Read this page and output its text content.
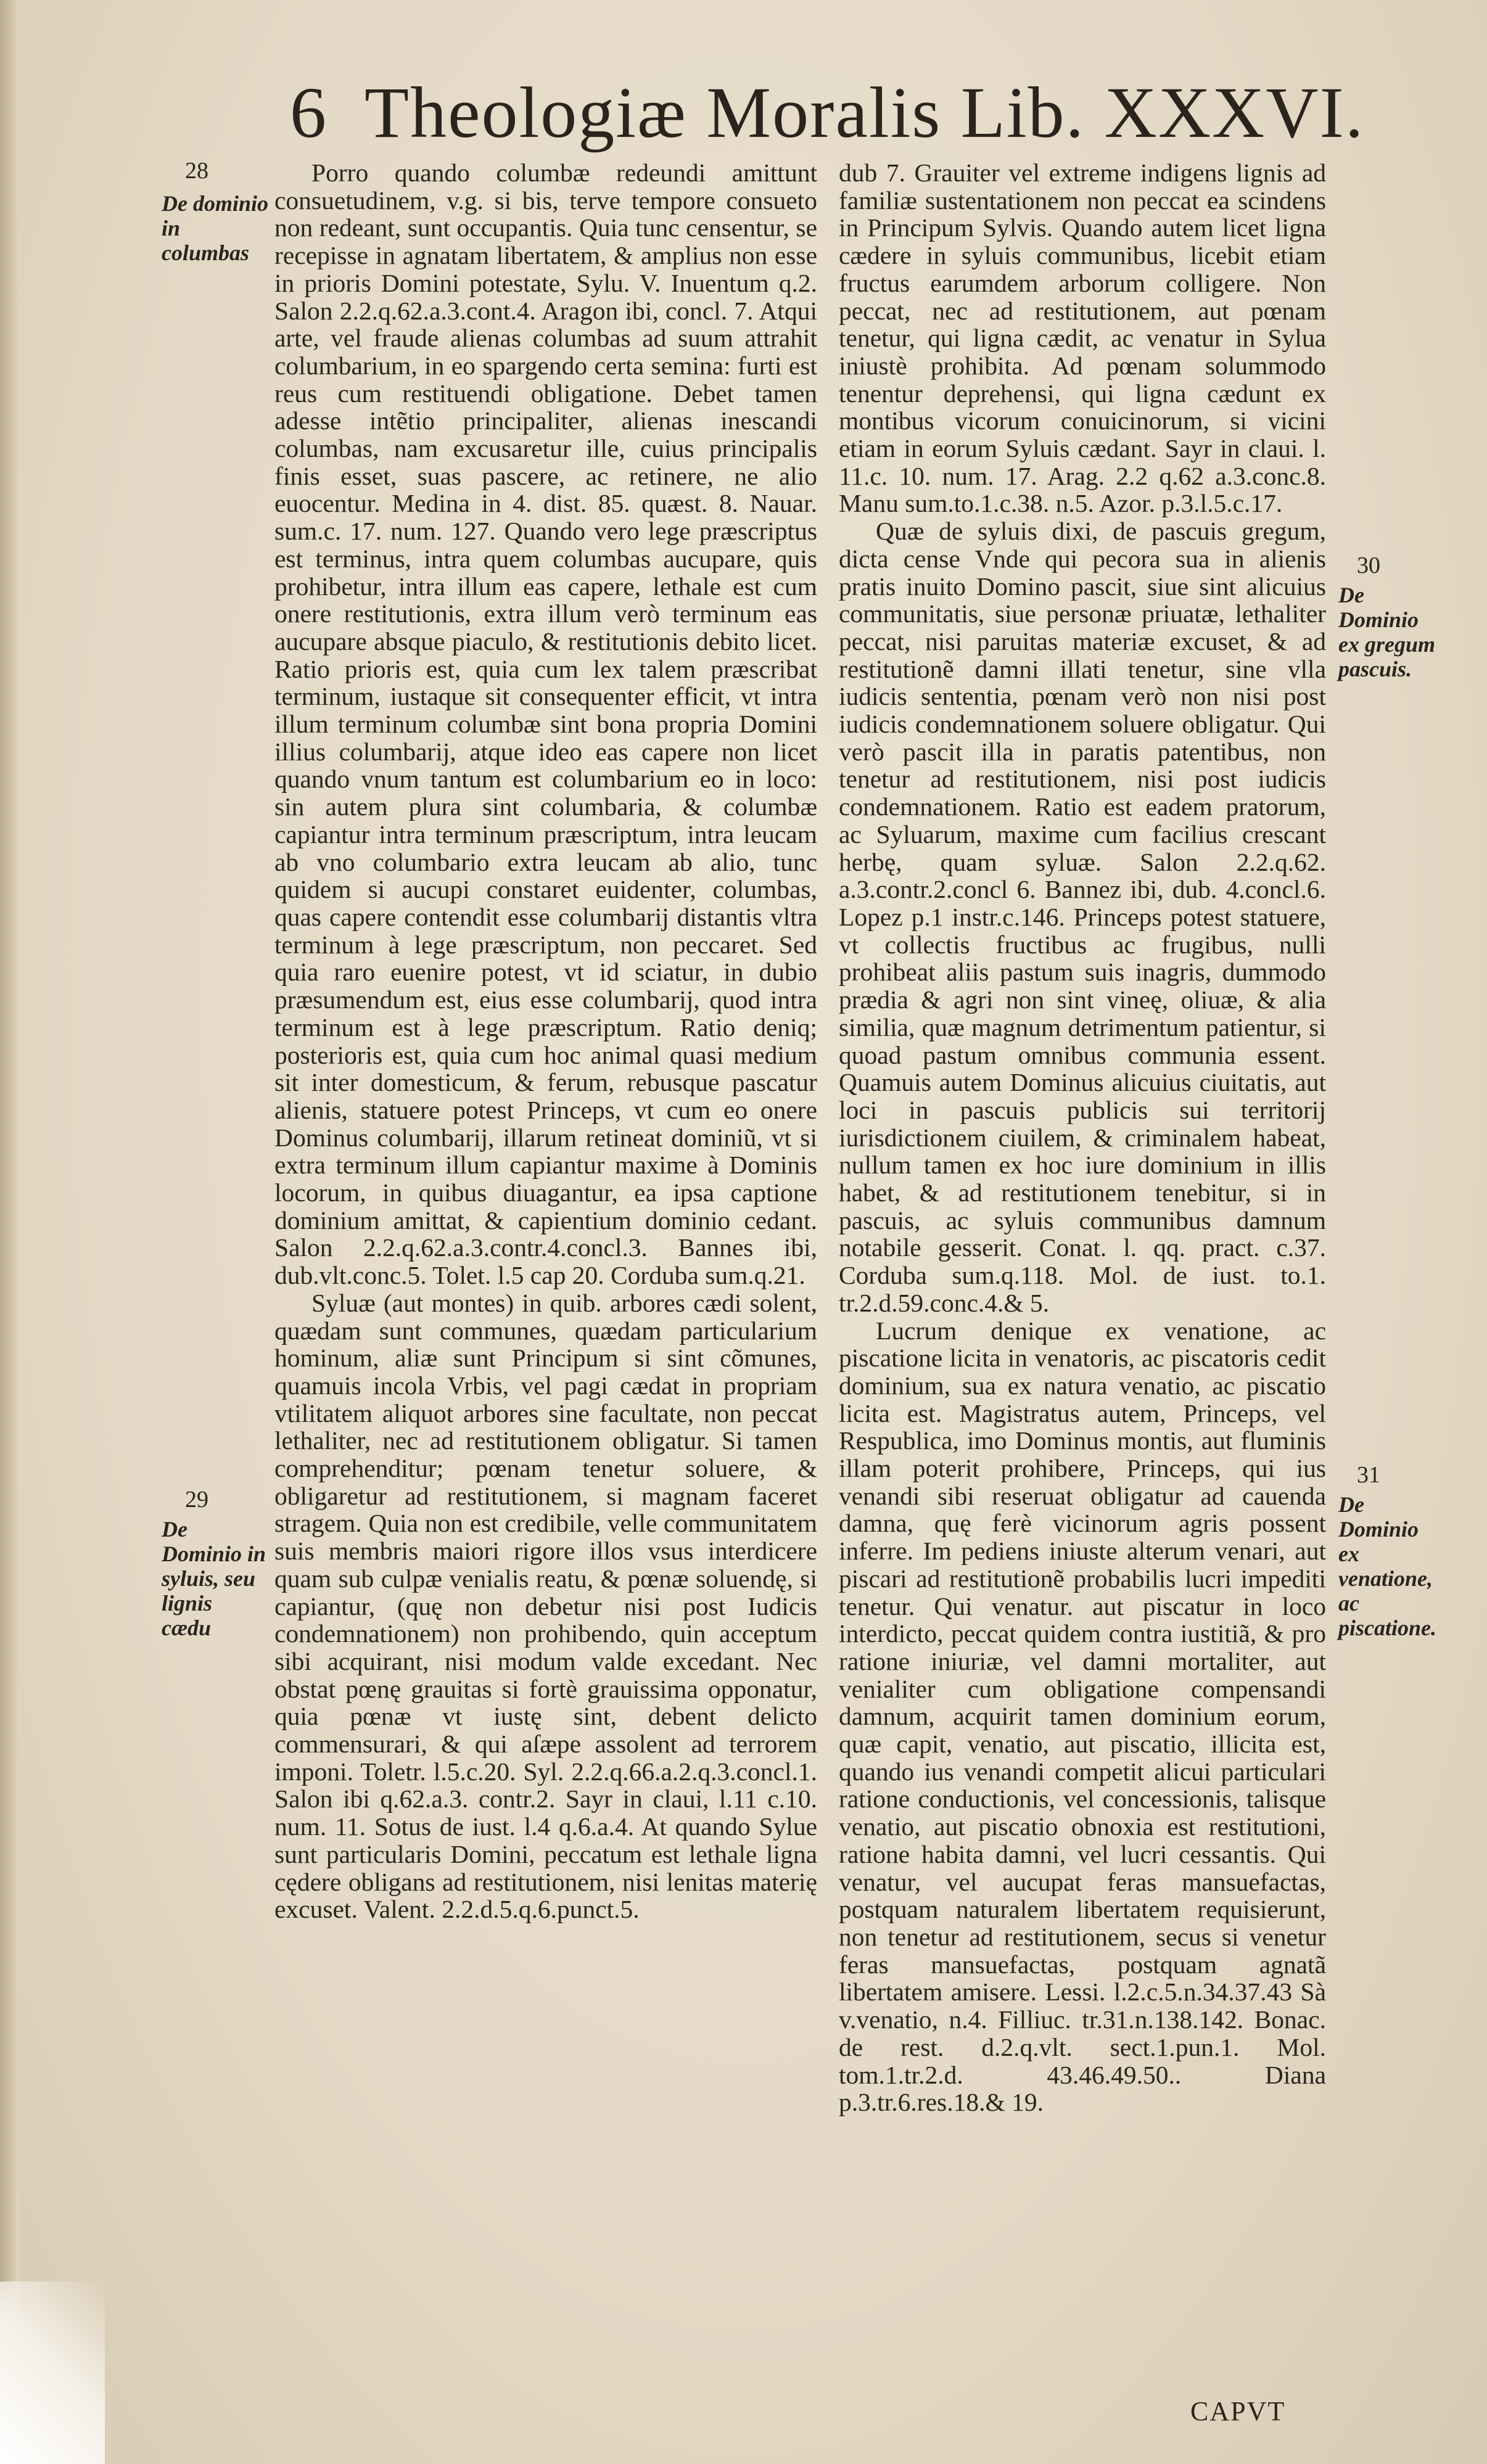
6 Theologiæ Moralis Lib. XXXVI.
28
De dominio in columbas
29
De Dominio in syluis, seu lignis cædu
30
De Dominio ex gregum pascuis.
31
De Dominio ex venatione, ac piscatione.

Porro quando columbæ redeundi amittunt consuetudinem, v.g. si bis, terve tempore consueto non redeant, sunt occupantis. Quia tunc censentur, se recepisse in agnatam libertatem, & amplius non esse in prioris Domini potestate, Sylu. V. Inuentum q.2. Salon 2.2.q.62.a.3.cont.4. Aragon ibi, concl. 7. Atqui arte, vel fraude alienas columbas ad suum attrahit columbarium, in eo spargendo certa semina: furti est reus cum restituendi obligatione. Debet tamen adesse intẽtio principaliter, alienas inescandi columbas, nam excusaretur ille, cuius principalis finis esset, suas pascere, ac retinere, ne alio euocentur. Medina in 4. dist. 85. quæst. 8. Nauar. sum.c. 17. num. 127. Quando vero lege præscriptus est terminus, intra quem columbas aucupare, quis prohibetur, intra illum eas capere, lethale est cum onere restitutionis, extra illum verò terminum eas aucupare absque piaculo, & restitutionis debito licet. Ratio prioris est, quia cum lex talem præscribat terminum, iustaque sit consequenter efficit, vt intra illum terminum columbæ sint bona propria Domini illius columbarij, atque ideo eas capere non licet quando vnum tantum est columbarium eo in loco: sin autem plura sint columbaria, & columbæ capiantur intra terminum præscriptum, intra leucam ab vno columbario extra leucam ab alio, tunc quidem si aucupi constaret euidenter, columbas, quas capere contendit esse columbarij distantis vltra terminum à lege præscriptum, non peccaret. Sed quia raro euenire potest, vt id sciatur, in dubio præsumendum est, eius esse columbarij, quod intra terminum est à lege præscriptum. Ratio deniq; posterioris est, quia cum hoc animal quasi medium sit inter domesticum, & ferum, rebusque pascatur alienis, statuere potest Princeps, vt cum eo onere Dominus columbarij, illarum retineat dominiũ, vt si extra terminum illum capiantur maxime à Dominis locorum, in quibus diuagantur, ea ipsa captione dominium amittat, & capientium dominio cedant. Salon 2.2.q.62.a.3.contr.4.concl.3. Bannes ibi, dub.vlt.conc.5. Tolet. l.5 cap 20. Corduba sum.q.21.

Syluæ (aut montes) in quib. arbores cædi solent, quædam sunt communes, quædam particularium hominum, aliæ sunt Principum si sint cõmunes, quamuis incola Vrbis, vel pagi cædat in propriam vtilitatem aliquot arbores sine facultate, non peccat lethaliter, nec ad restitutionem obligatur. Si tamen comprehenditur; pœnam tenetur soluere, & obligaretur ad restitutionem, si magnam faceret stragem. Quia non est credibile, velle communitatem suis membris maiori rigore illos vsus interdicere quam sub culpæ venialis reatu, & pœnæ soluendę, si capiantur, (quę non debetur nisi post Iudicis condemnationem) non prohibendo, quin acceptum sibi acquirant, nisi modum valde excedant. Nec obstat pœnę grauitas si fortè grauissima opponatur, quia pœnæ vt iustę sint, debent delicto commensurari, & qui aſæpe assolent ad terrorem imponi. Toletr. l.5.c.20. Syl. 2.2.q.66.a.2.q.3.concl.1. Salon ibi q.62.a.3. contr.2. Sayr in claui, l.11 c.10. num. 11. Sotus de iust. l.4 q.6.a.4. At quando Sylue sunt particularis Domini, peccatum est lethale ligna cędere obligans ad restitutionem, nisi lenitas materię excuset. Valent. 2.2.d.5.q.6.punct.5.

dub 7. Grauiter vel extreme indigens lignis ad familiæ sustentationem non peccat ea scindens in Principum Sylvis. Quando autem licet ligna cædere in syluis communibus, licebit etiam fructus earumdem arborum colligere. Non peccat, nec ad restitutionem, aut pœnam tenetur, qui ligna cædit, ac venatur in Sylua iniustè prohibita. Ad pœnam solummodo tenentur deprehensi, qui ligna cædunt ex montibus vicorum conuicinorum, si vicini etiam in eorum Syluis cædant. Sayr in claui. l. 11.c. 10. num. 17. Arag. 2.2 q.62 a.3.conc.8. Manu sum.to.1.c.38. n.5. Azor. p.3.l.5.c.17.

Quæ de syluis dixi, de pascuis gregum, dicta cense Vnde qui pecora sua in alienis pratis inuito Domino pascit, siue sint alicuius communitatis, siue personæ priuatæ, lethaliter peccat, nisi paruitas materiæ excuset, & ad restitutionẽ damni illati tenetur, sine vlla iudicis sententia, pœnam verò non nisi post iudicis condemnationem soluere obligatur. Qui verò pascit illa in paratis patentibus, non tenetur ad restitutionem, nisi post iudicis condemnationem. Ratio est eadem pratorum, ac Syluarum, maxime cum facilius crescant herbę, quam syluæ. Salon 2.2.q.62. a.3.contr.2.concl 6. Bannez ibi, dub. 4.concl.6. Lopez p.1 instr.c.146. Princeps potest statuere, vt collectis fructibus ac frugibus, nulli prohibeat aliis pastum suis inagris, dummodo prædia & agri non sint vineę, oliuæ, & alia similia, quæ magnum detrimentum patientur, si quoad pastum omnibus communia essent. Quamuis autem Dominus alicuius ciuitatis, aut loci in pascuis publicis sui territorij iurisdictionem ciuilem, & criminalem habeat, nullum tamen ex hoc iure dominium in illis habet, & ad restitutionem tenebitur, si in pascuis, ac syluis communibus damnum notabile gesserit. Conat. l. qq. pract. c.37. Corduba sum.q.118. Mol. de iust. to.1. tr.2.d.59.conc.4.& 5.

Lucrum denique ex venatione, ac piscatione licita in venatoris, ac piscatoris cedit dominium, sua ex natura venatio, ac piscatio licita est. Magistratus autem, Princeps, vel Respublica, imo Dominus montis, aut fluminis illam poterit prohibere, Princeps, qui ius venandi sibi reseruat obligatur ad cauenda damna, quę ferè vicinorum agris possent inferre. Im pediens iniuste alterum venari, aut piscari ad restitutionẽ probabilis lucri impediti tenetur. Qui venatur. aut piscatur in loco interdicto, peccat quidem contra iustitiã, & pro ratione iniuriæ, vel damni mortaliter, aut venialiter cum obligatione compensandi damnum, acquirit tamen dominium eorum, quæ capit, venatio, aut piscatio, illicita est, quando ius venandi competit alicui particulari ratione conductionis, vel concessionis, talisque venatio, aut piscatio obnoxia est restitutioni, ratione habita damni, vel lucri cessantis. Qui venatur, vel aucupat feras mansuefactas, postquam naturalem libertatem requisierunt, non tenetur ad restitutionem, secus si venetur feras mansuefactas, postquam agnatã libertatem amisere. Lessi. l.2.c.5.n.34.37.43 Sà v.venatio, n.4. Filliuc. tr.31.n.138.142. Bonac. de rest. d.2.q.vlt. sect.1.pun.1. Mol. tom.1.tr.2.d. 43.46.49.50.. Diana p.3.tr.6.res.18.& 19.

CAPVT
